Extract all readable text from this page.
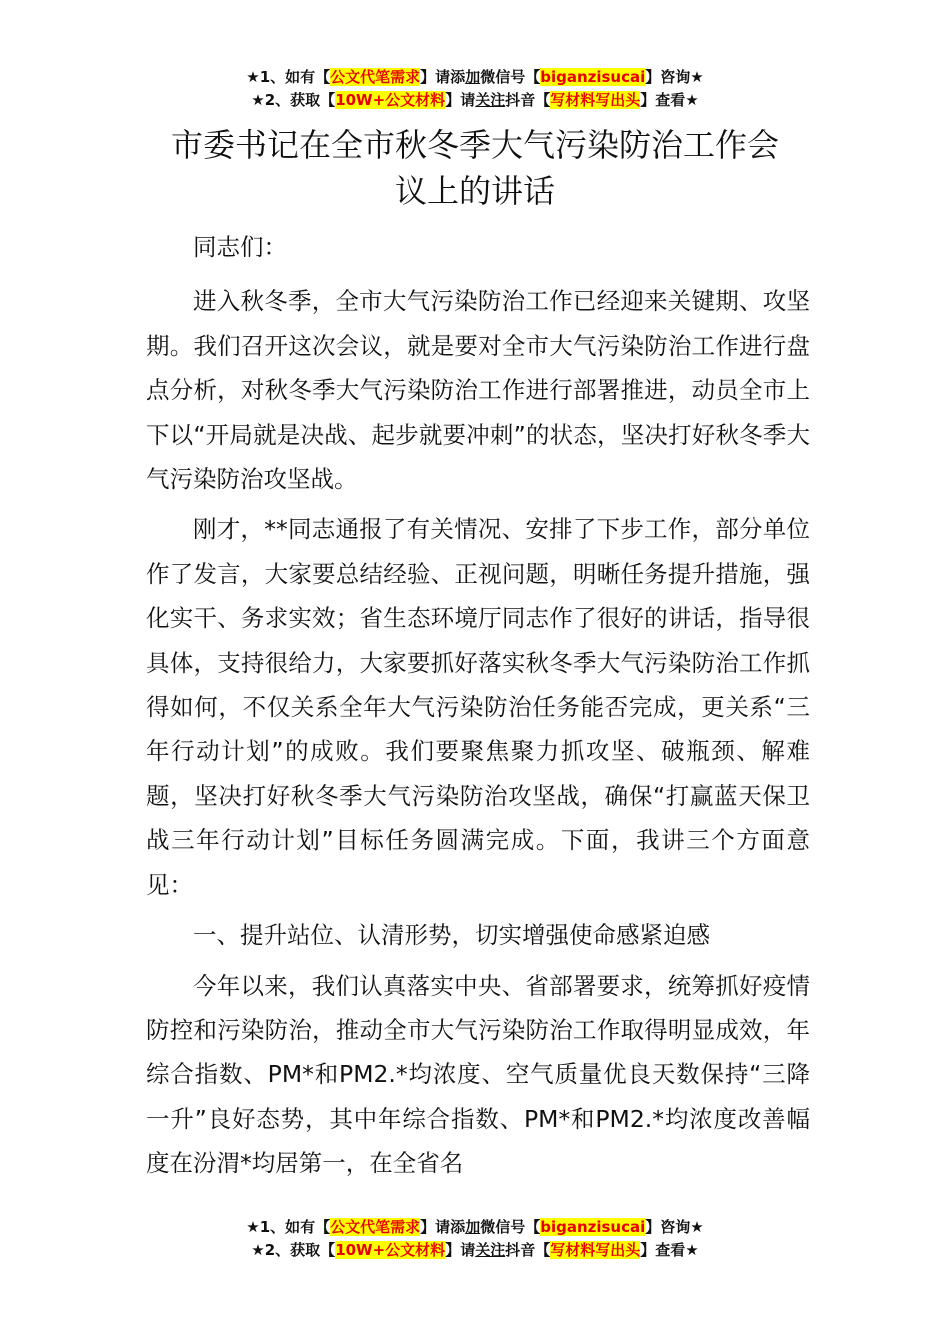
★1、如有【公文代笔需求】请添加微信号【biganzisucai】咨询★
★2、获取【10W+公文材料】请关注抖音【写材料写出头】查看★
市委书记在全市秋冬季大气污染防治工作会
议上的讲话

同志们：

进入秋冬季，全市大气污染防治工作已经迎来关键期、攻坚期。我们召开这次会议，就是要对全市大气污染防治工作进行盘点分析，对秋冬季大气污染防治工作进行部署推进，动员全市上下以“开局就是决战、起步就要冲刺”的状态，坚决打好秋冬季大气污染防治攻坚战。

刚才，**同志通报了有关情况、安排了下步工作，部分单位作了发言，大家要总结经验、正视问题，明晰任务提升措施，强化实干、务求实效；省生态环境厅同志作了很好的讲话，指导很具体，支持很给力，大家要抓好落实秋冬季大气污染防治工作抓得如何，不仅关系全年大气污染防治任务能否完成，更关系“三年行动计划”的成败。我们要聚焦聚力抓攻坚、破瓶颈、解难题，坚决打好秋冬季大气污染防治攻坚战，确保“打赢蓝天保卫战三年行动计划”目标任务圆满完成。下面，我讲三个方面意见：

一、提升站位、认清形势，切实增强使命感紧迫感

今年以来，我们认真落实中央、省部署要求，统筹抓好疫情防控和污染防治，推动全市大气污染防治工作取得明显成效，年综合指数、PM*和PM2.*均浓度、空气质量优良天数保持“三降一升”良好态势，其中年综合指数、PM*和PM2.*均浓度改善幅度在汾渭*均居第一，在全省名

★1、如有【公文代笔需求】请添加微信号【biganzisucai】咨询★
★2、获取【10W+公文材料】请关注抖音【写材料写出头】查看★
